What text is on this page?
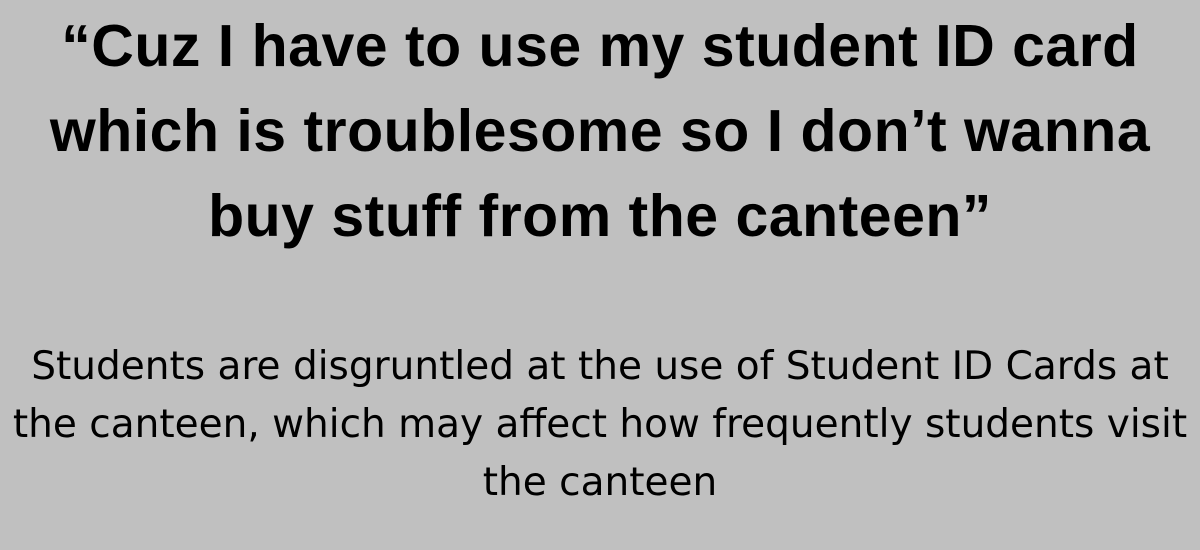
“Cuz I have to use my student ID card which is troublesome so I don’t wanna buy stuff from the canteen”

Students are disgruntled at the use of Student ID Cards at the canteen, which may affect how frequently students visit the canteen
